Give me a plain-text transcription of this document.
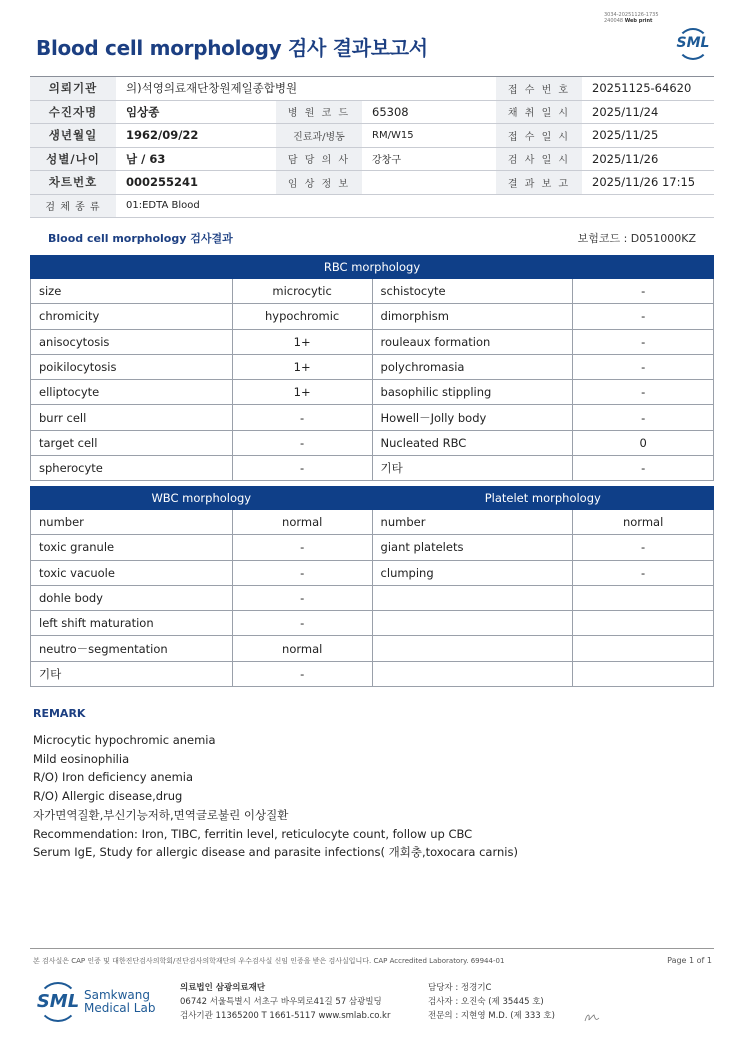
3034-20251126-1735
240048 Web print
Blood cell morphology 검사 결과보고서	SML
의뢰기관	의)석영의료재단창원제일종합병원			접 수 번 호	20251125-64620
수진자명	임상종	병 원 코 드	65308	채 취 일 시	2025/11/24
생년월일	1962/09/22	진료과/병동	RM/W15	접 수 일 시	2025/11/25
성별/나이	남 / 63	담 당 의 사	강창구	검 사 일 시	2025/11/26
차트번호	000255241	임 상 정 보		결 과 보 고	2025/11/26 17:15
검 체 종 류	01:EDTA Blood				
Blood cell morphology 검사결과	보험코드 : D051000KZ
RBC morphology			
size	microcytic	schistocyte	-
chromicity	hypochromic	dimorphism	-
anisocytosis	1+	rouleaux formation	-
poikilocytosis	1+	polychromasia	-
elliptocyte	1+	basophilic stippling	-
burr cell	-	Howell－Jolly body	-
target cell	-	Nucleated RBC	0
spherocyte	-	기타	-
WBC morphology		Platelet morphology	
number	normal	number	normal
toxic granule	-	giant platelets	-
toxic vacuole	-	clumping	-
dohle body	-		
left shift maturation	-		
neutro－segmentation	normal		
기타	-		
REMARK
Microcytic hypochromic anemia
Mild eosinophilia
R/O) Iron deficiency anemia
R/O) Allergic disease,drug
자가면역질환,부신기능저하,면역글로불린 이상질환
Recommendation: Iron, TIBC, ferritin level, reticulocyte count, follow up CBC
Serum IgE, Study for allergic disease and parasite infections( 개회충,toxocara carnis)
본 검사실은 CAP 인증 및 대한진단검사의학회/진단검사의학재단의 우수검사실 신임 인증을 받은 검사실입니다. CAP Accredited Laboratory. 69944-01	Page 1 of 1
SML Samkwang
Medical Lab
의료법인 삼광의료재단
06742 서울특별시 서초구 바우뫼로41길 57 삼광빌딩
검사기관 11365200 T 1661-5117 www.smlab.co.kr
담당자 : 정경기C
검사자 : 오진숙 (제 35445 호)
전문의 : 지현영 M.D. (제 333 호)
